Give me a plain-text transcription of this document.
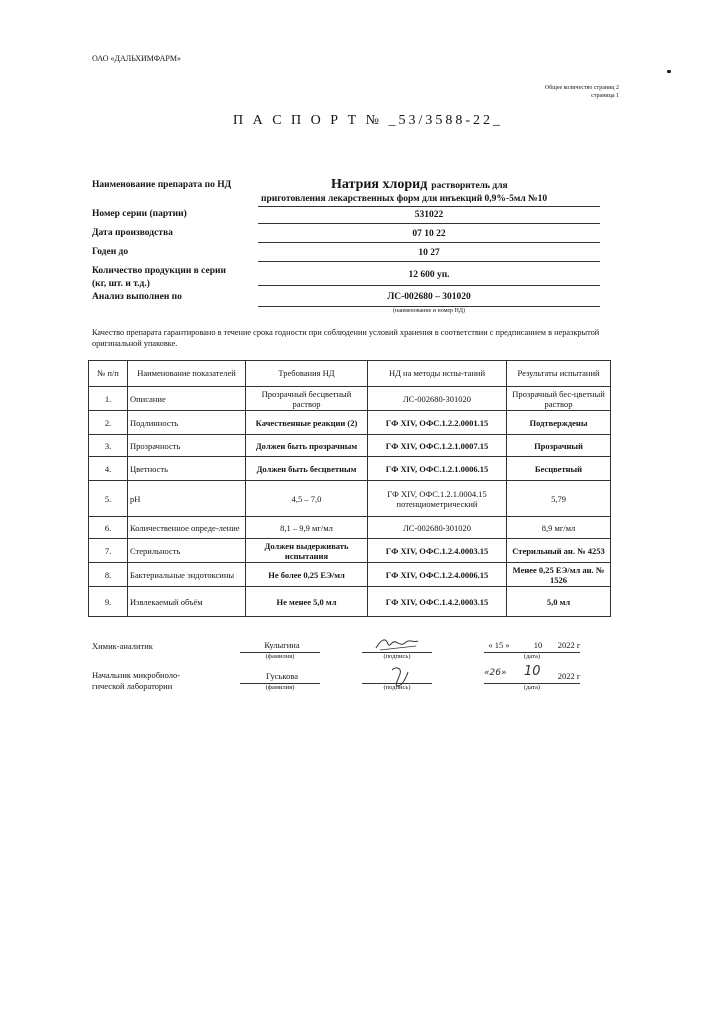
ОАО «ДАЛЬХИМФАРМ»
Общее количество страниц 2
страница 1
П А С П О Р Т № _53/3588-22_
Наименование препарата по НД	Натрия хлорид растворитель для
приготовления лекарственных форм для инъекций 0,9%-5мл №10
Номер серии (партии)	531022
Дата производства	07 10 22
Годен до	10 27
Количество продукции в серии
(кг, шт. и т.д.)
12 600 уп.
Анализ выполнен по	ЛС-002680 – 301020
(наименование и номер НД)
Качество препарата гарантировано в течение срока годности при соблюдении условий хранения в соответствии с предписанием в неразкрытой оригинальной упаковке.
№ п/п	Наименование показателей	Требования НД	НД на методы испы-таний	Результаты испытаний
1.	Описание	Прозрачный бесцветный раствор	ЛС-002680-301020	Прозрачный бес-цветный раствор
2.	Подлинность	Качественные реакции (2)	ГФ XIV, ОФС.1.2.2.0001.15	Подтверждены
3.	Прозрачность	Должен быть прозрачным	ГФ XIV, ОФС.1.2.1.0007.15	Прозрачный
4.	Цветность	Должен быть бесцветным	ГФ XIV, ОФС.1.2.1.0006.15	Бесцветный
5.	pH	4,5 – 7,0	ГФ XIV, ОФС.1.2.1.0004.15 потенциометрический	5,79
6.	Количественное опреде-ление	8,1 – 9,9 мг/мл	ЛС-002680-301020	8,9 мг/мл
7.	Стерильность	Должен выдерживать испытания	ГФ XIV, ОФС.1.2.4.0003.15	Стерильный ан. № 4253
8.	Бактериальные эндотоксины	Не более 0,25 ЕЭ/мл	ГФ XIV, ОФС.1.2.4.0006.15	Менее 0,25 ЕЭ/мл ан. № 1526
9.	Извлекаемый объём	Не менее 5,0 мл	ГФ XIV, ОФС.1.4.2.0003.15	5,0 мл
Химик-аналитик	Кулыгина
(фамилия)	(подпись)
« 15 »	10	2022 г
(дата)
Начальник микробиоло-
гической лаборатории
Гуськова
(фамилия)	(подпись)
«26» 10	2022 г
(дата)
